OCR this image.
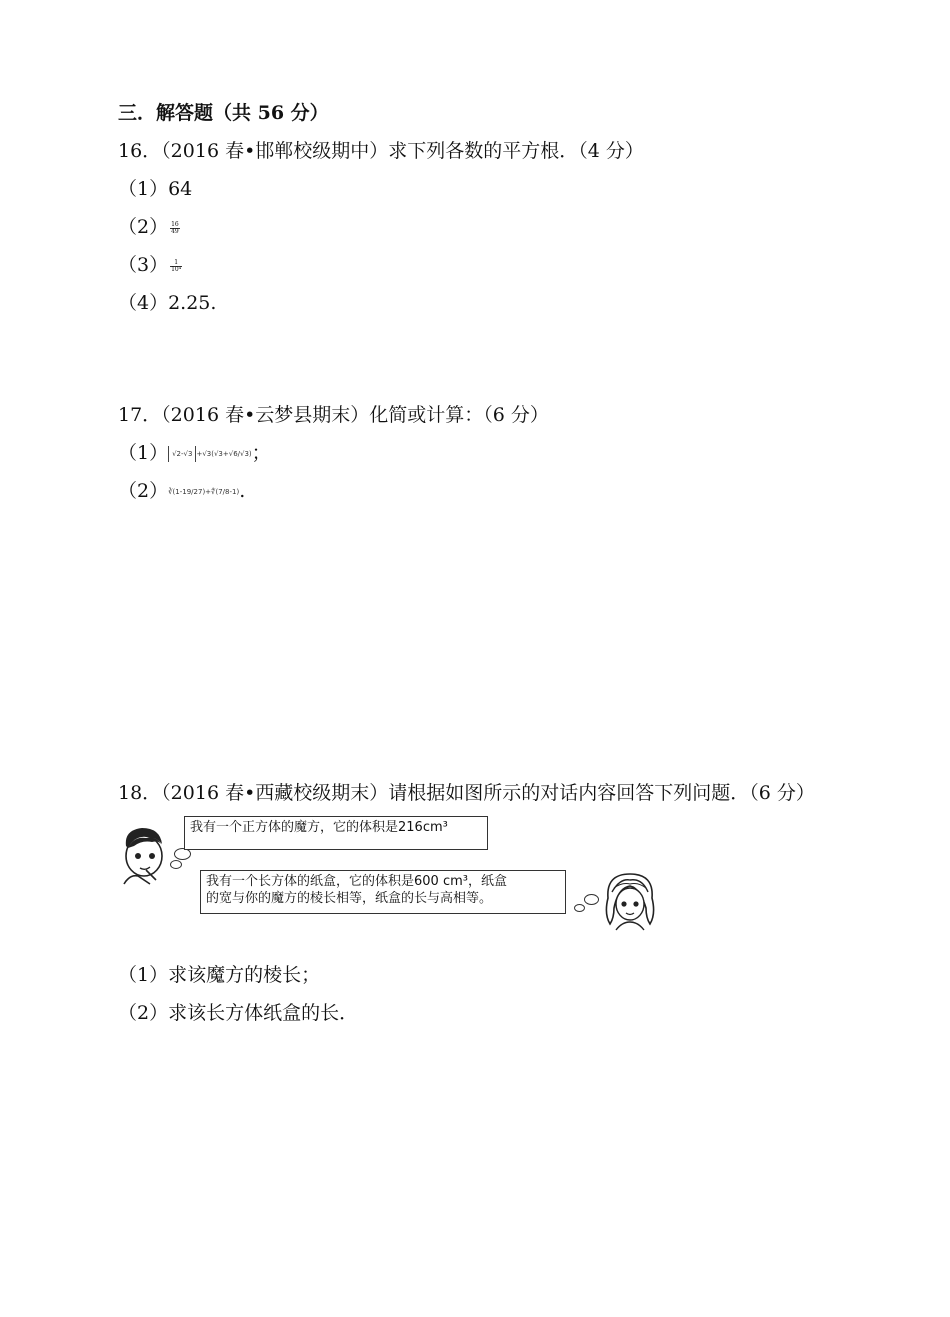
三．解答题（共 56 分）
16．（2016 春•邯郸校级期中）求下列各数的平方根．（4 分）
（1）64
$(2) \frac{16}{49}$
$(3) \frac{1}{\text{10⁴}}$
（4）2.25.
17．（2016 春•云梦县期末）化简或计算：（6 分）
（1） √2-√3 +√3(√3+√6/√3)；
（2）∛(1-19/27)+∜(7/8-1).
18．（2016 春•西藏校级期末）请根据如图所示的对话内容回答下列问题．（6 分）
我有一个正方体的魔方，它的体积是216cm³
我有一个长方体的纸盒，它的体积是600 cm³，纸盒
的宽与你的魔方的棱长相等，纸盒的长与高相等。
（1）求该魔方的棱长；
（2）求该长方体纸盒的长．
